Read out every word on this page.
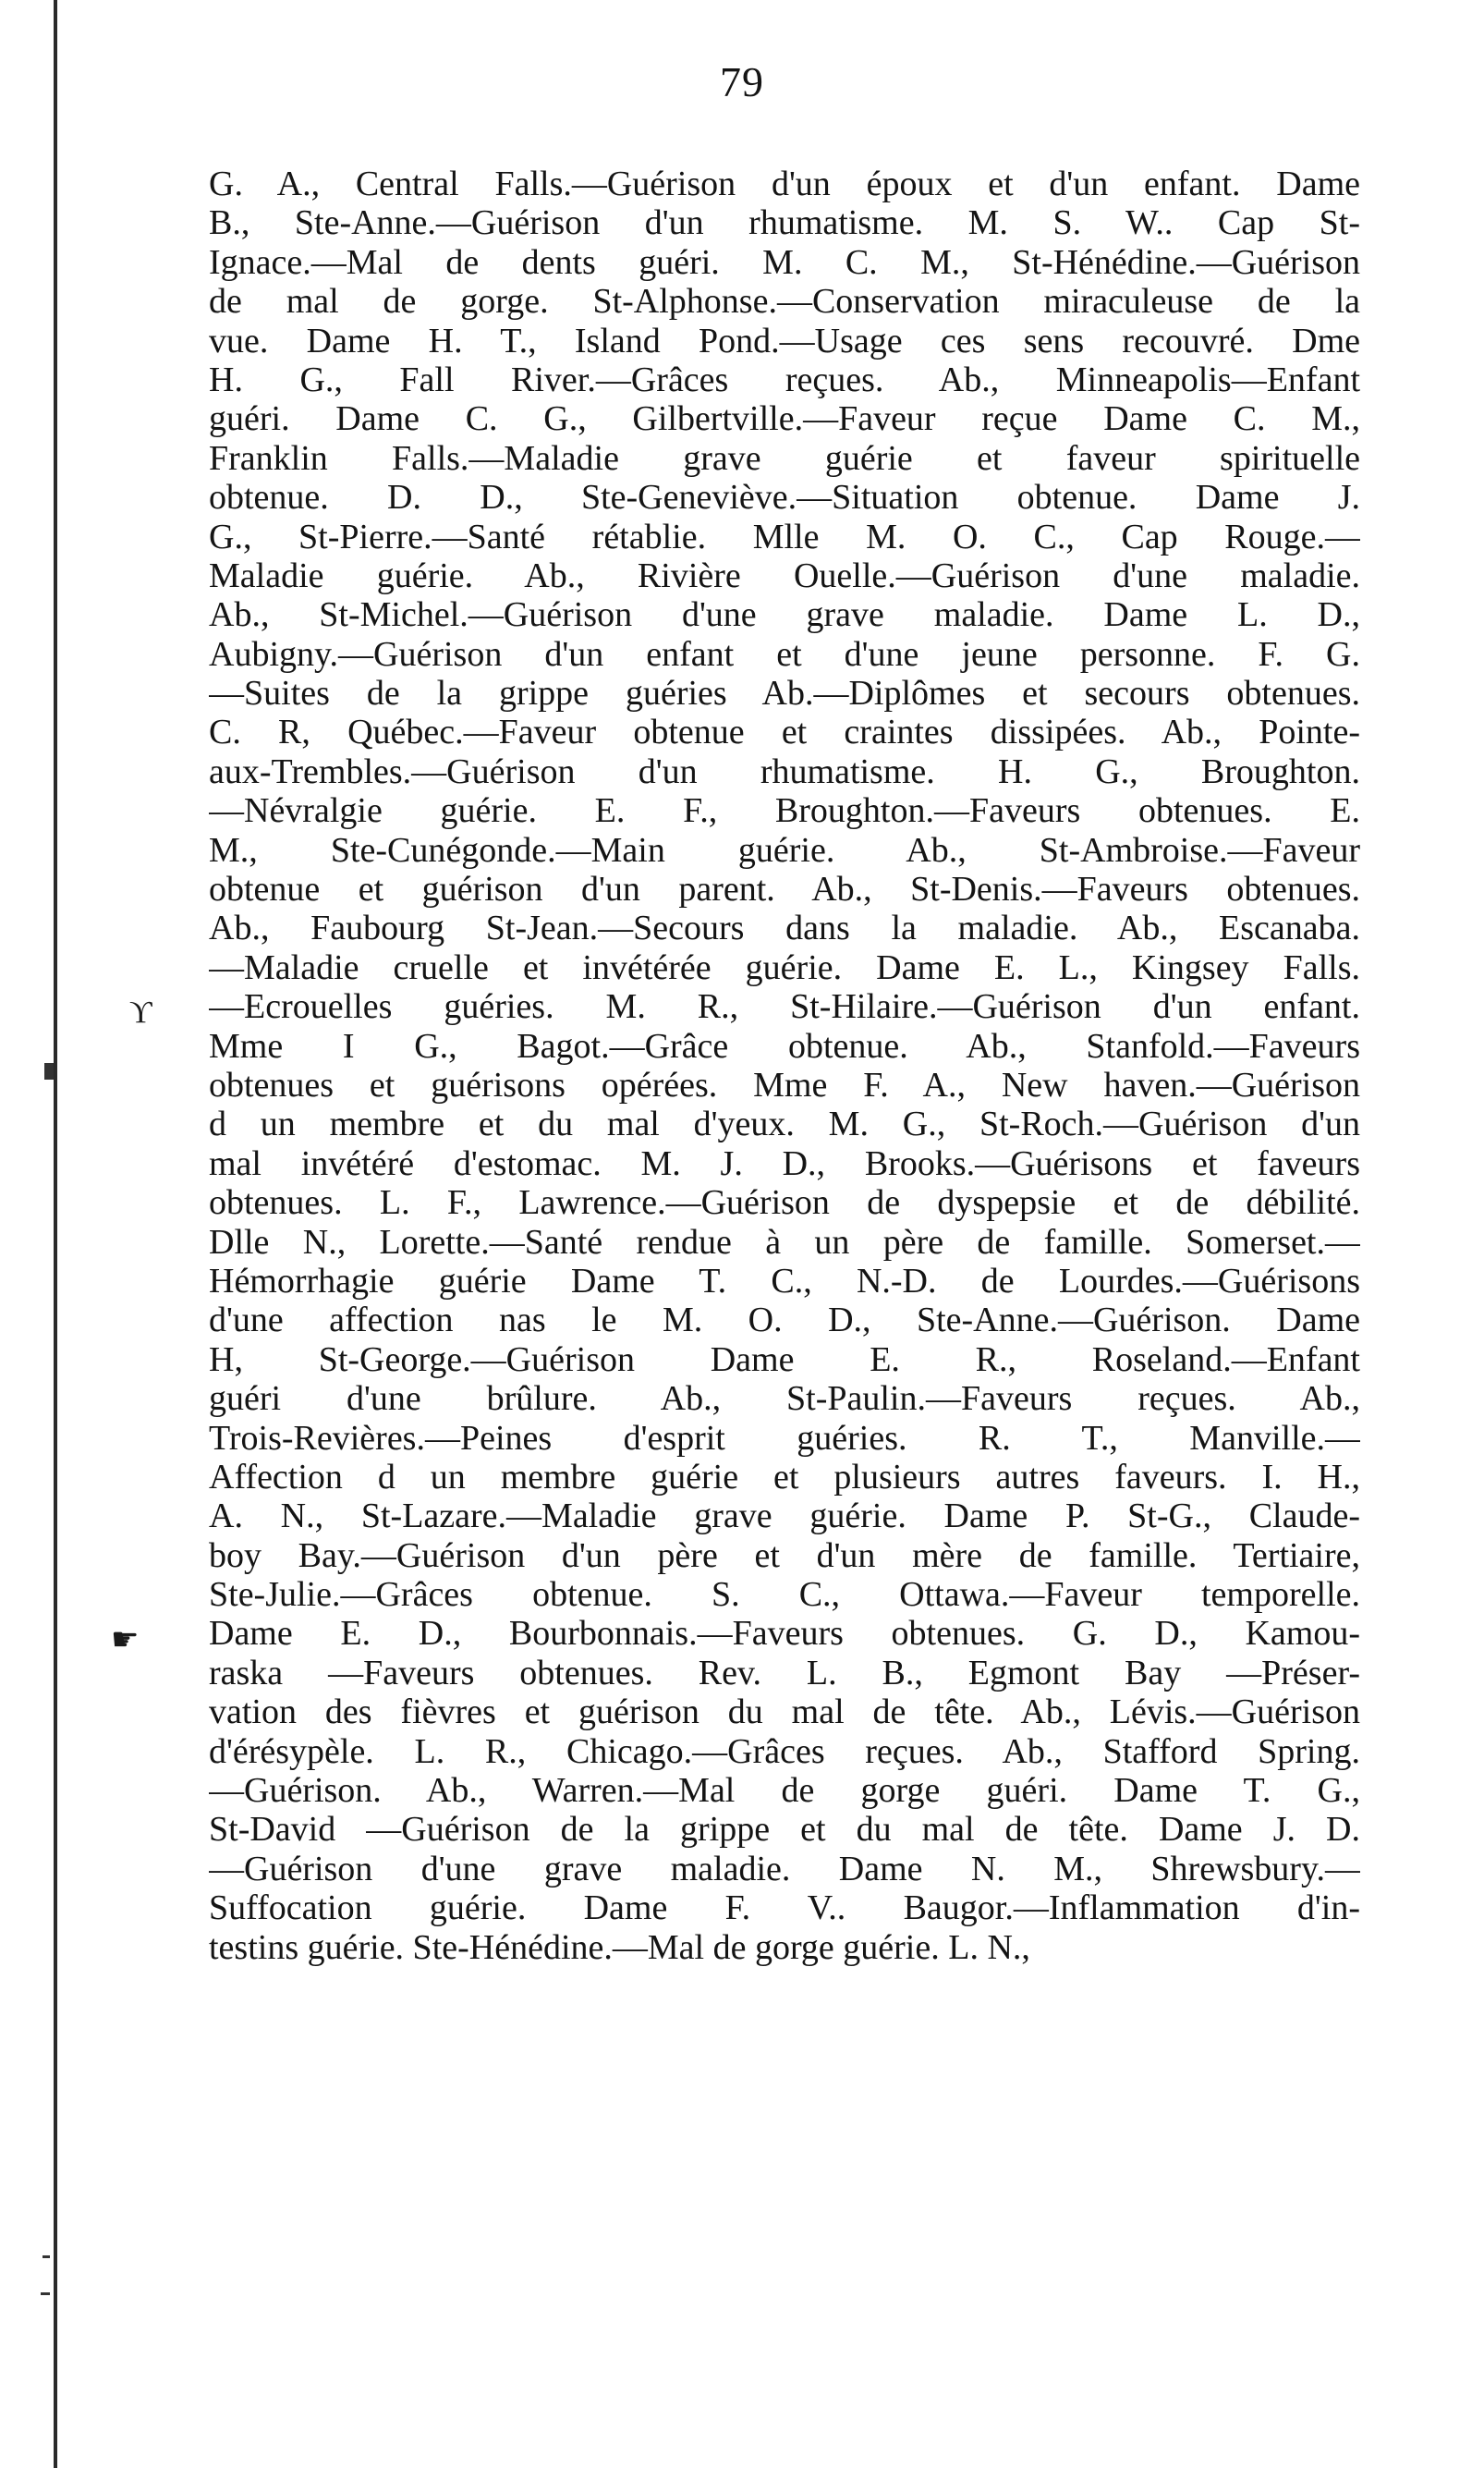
79
ϒ
☛
G. A., Central Falls.—Guérison d'un époux et d'un enfant. Dame
B., Ste-Anne.—Guérison d'un rhumatisme. M. S. W.. Cap St-
Ignace.—Mal de dents guéri. M. C. M., St-Hénédine.—Guérison
de mal de gorge. St-Alphonse.—Conservation miraculeuse de la
vue. Dame H. T., Island Pond.—Usage ces sens recouvré. Dme
H. G., Fall River.—Grâces reçues. Ab., Minneapolis—Enfant
guéri. Dame C. G., Gilbertville.—Faveur reçue Dame C. M.,
Franklin Falls.—Maladie grave guérie et faveur spirituelle
obtenue. D. D., Ste-Geneviève.—Situation obtenue. Dame J.
G., St-Pierre.—Santé rétablie. Mlle M. O. C., Cap Rouge.—
Maladie guérie. Ab., Rivière Ouelle.—Guérison d'une maladie.
Ab., St-Michel.—Guérison d'une grave maladie. Dame L. D.,
Aubigny.—Guérison d'un enfant et d'une jeune personne. F. G.
—Suites de la grippe guéries Ab.—Diplômes et secours obtenues.
C. R, Québec.—Faveur obtenue et craintes dissipées. Ab., Pointe-
aux-Trembles.—Guérison d'un rhumatisme. H. G., Broughton.
—Névralgie guérie. E. F., Broughton.—Faveurs obtenues. E.
M., Ste-Cunégonde.—Main guérie. Ab., St-Ambroise.—Faveur
obtenue et guérison d'un parent. Ab., St-Denis.—Faveurs obtenues.
Ab., Faubourg St-Jean.—Secours dans la maladie. Ab., Escanaba.
—Maladie cruelle et invétérée guérie. Dame E. L., Kingsey Falls.
—Ecrouelles guéries. M. R., St-Hilaire.—Guérison d'un enfant.
Mme I G., Bagot.—Grâce obtenue. Ab., Stanfold.—Faveurs
obtenues et guérisons opérées. Mme F. A., New haven.—Guérison
d un membre et du mal d'yeux. M. G., St-Roch.—Guérison d'un
mal invétéré d'estomac. M. J. D., Brooks.—Guérisons et faveurs
obtenues. L. F., Lawrence.—Guérison de dyspepsie et de débilité.
Dlle N., Lorette.—Santé rendue à un père de famille. Somerset.—
Hémorrhagie guérie Dame T. C., N.-D. de Lourdes.—Guérisons
d'une affection nas le M. O. D., Ste-Anne.—Guérison. Dame
H, St-George.—Guérison Dame E. R., Roseland.—Enfant
guéri d'une brûlure. Ab., St-Paulin.—Faveurs reçues. Ab.,
Trois-Revières.—Peines d'esprit guéries. R. T., Manville.—
Affection d un membre guérie et plusieurs autres faveurs. I. H.,
A. N., St-Lazare.—Maladie grave guérie. Dame P. St-G., Claude-
boy Bay.—Guérison d'un père et d'un mère de famille. Tertiaire,
Ste-Julie.—Grâces obtenue. S. C., Ottawa.—Faveur temporelle.
Dame E. D., Bourbonnais.—Faveurs obtenues. G. D., Kamou-
raska —Faveurs obtenues. Rev. L. B., Egmont Bay —Préser-
vation des fièvres et guérison du mal de tête. Ab., Lévis.—Guérison
d'érésypèle. L. R., Chicago.—Grâces reçues. Ab., Stafford Spring.
—Guérison. Ab., Warren.—Mal de gorge guéri. Dame T. G.,
St-David —Guérison de la grippe et du mal de tête. Dame J. D.
—Guérison d'une grave maladie. Dame N. M., Shrewsbury.—
Suffocation guérie. Dame F. V.. Baugor.—Inflammation d'in-
testins guérie. Ste-Hénédine.—Mal de gorge guérie. L. N.,
